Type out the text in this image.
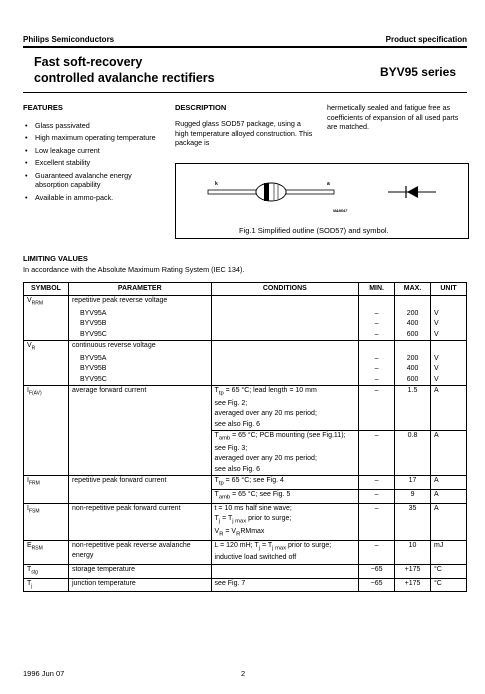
Philips Semiconductors	Product specification
Fast soft-recovery
controlled avalanche rectifiers	BYV95 series
FEATURES
• Glass passivated
• High maximum operating temperature
• Low leakage current
• Excellent stability
• Guaranteed avalanche energy absorption capability
• Available in ammo-pack.
DESCRIPTION
Rugged glass SOD57 package, using a high temperature alloyed construction. This package is
hermetically sealed and fatigue free as coefficients of expansion of all used parts are matched.
k	a
MAM047
Fig.1 Simplified outline (SOD57) and symbol.
LIMITING VALUES
In accordance with the Absolute Maximum Rating System (IEC 134).
SYMBOL	PARAMETER	CONDITIONS	MIN.	MAX.	UNIT
$V_{RRM}$	repetitive peak reverse voltage				
	BYV95A		–	200	V
	BYV95B		–	400	V
	BYV95C		–	600	V
$V_R$	continuous reverse voltage				
	BYV95A		–	200	V
	BYV95B		–	400	V
	BYV95C		–	600	V
$I_{F(AV)}$	average forward current	$T_{tp} = 65$ °C; lead length = 10 mm
see Fig. 2;
averaged over any 20 ms period;
see also Fig. 6	–	1.5	A
		$T_{amb} = 65$ °C; PCB mounting (see Fig.11); see Fig. 3;
averaged over any 20 ms period;
see also Fig. 6	–	0.8	A
$I_{FRM}$	repetitive peak forward current	$T_{tp} = 65$ °C; see Fig. 4	–	17	A
		$T_{amb} = 65$ °C; see Fig. 5	–	9	A
$I_{FSM}$	non-repetitive peak forward current	t = 10 ms half sine wave;
$T_j = T_{j max}$ prior to surge;
$V_R = V_RRMmax$	–	35	A
$E_{RSM}$	non-repetitive peak reverse avalanche energy	L = 120 mH; $T_j = T_{j max}$ prior to surge; inductive load switched off	–	10	mJ
$T_{stg}$	storage temperature		−65	+175	°C
$T_j$	junction temperature	see Fig. 7	−65	+175	°C
1996 Jun 07	2
